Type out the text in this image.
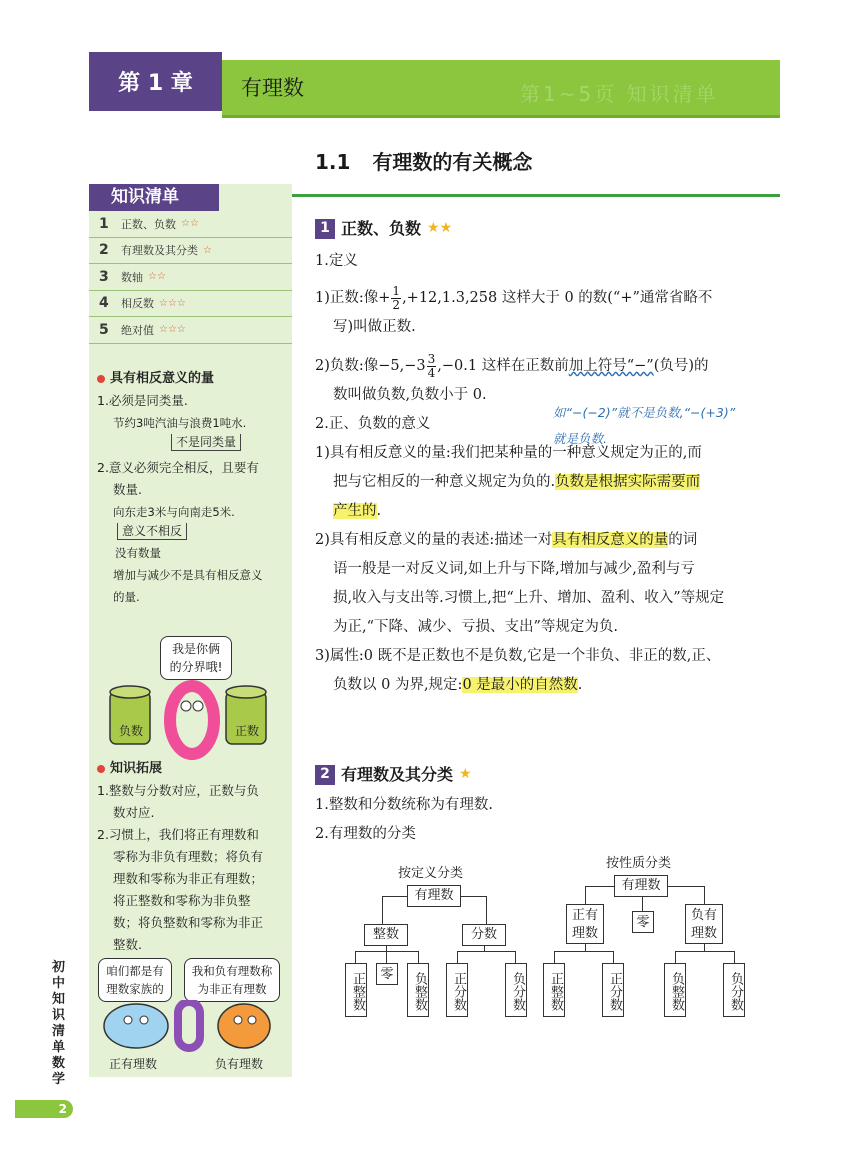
第1~5页 知识清单
第 1 章	有理数
1.1 有理数的有关概念
知识清单
1	正数、负数 ☆☆
2	有理数及其分类 ☆
3	数轴 ☆☆
4	相反数 ☆☆☆
5	绝对值 ☆☆☆
具有相反意义的量
1.必须是同类量.
节约3吨汽油与浪费1吨水.
不是同类量
2.意义必须完全相反，且要有
数量.
向东走3米与向南走5米.
意义不相反
没有数量
增加与减少不是具有相反意义
的量.
我是你俩
的分界哦!
负数	正数
知识拓展
1.整数与分数对应，正数与负
数对应.
2.习惯上，我们将正有理数和
零称为非负有理数；将负有
理数和零称为非正有理数；
将正整数和零称为非负整
数；将负整数和零称为非正
整数.
咱们都是有
理数家族的
我和负有理数称
为非正有理数
正有理数	负有理数
初中知识清单数学
2
1 正数、负数 ★★
1.定义
1)正数:像+ $\frac{1}{2} ,+12,1.3,258$ 这样大于 0 的数(“+”通常省略不
写)叫做正数.
2)负数:像$-5,-3 \frac{3}{4} ,-0.1$ 这样在正数前加上符号“−”(负号)的
数叫做负数,负数小于 0.
2.正、负数的意义
1)具有相反意义的量:我们把某种量的一种意义规定为正的,而
把与它相反的一种意义规定为负的.负数是根据实际需要而
产生的.
2)具有相反意义的量的表述:描述一对具有相反意义的量的词
语一般是一对反义词,如上升与下降,增加与减少,盈利与亏
损,收入与支出等.习惯上,把“上升、增加、盈利、收入”等规定
为正,“下降、减少、亏损、支出”等规定为负.
3)属性:0 既不是正数也不是负数,它是一个非负、非正的数,正、
负数以 0 为界,规定:0 是最小的自然数.
如“−(−2)”就不是负数,“−(+3)”
就是负数.
2 有理数及其分类 ★
1.整数和分数统称为有理数.
2.有理数的分类
按定义分类
有理数
整数	分数
正整数	零	负整数	正分数	负分数
按性质分类
有理数
正有理数
零	负有理数
正整数	正分数	负整数	负分数
